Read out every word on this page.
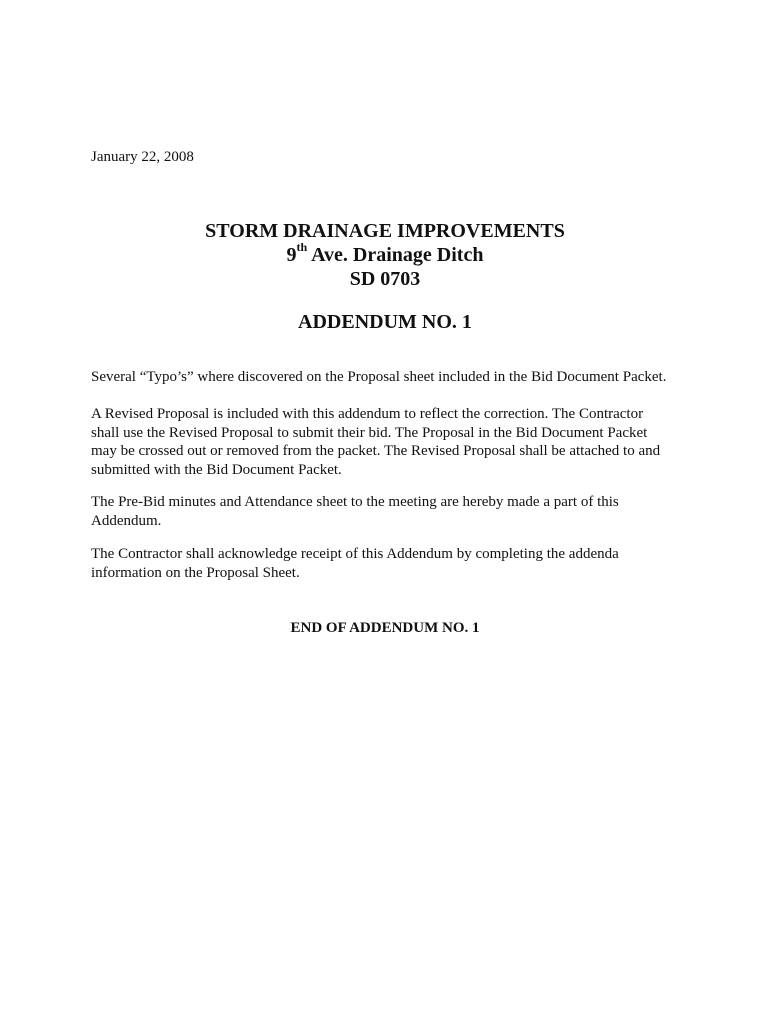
January 22, 2008
STORM DRAINAGE IMPROVEMENTS
9th Ave. Drainage Ditch
SD 0703
ADDENDUM NO. 1
Several “Typo’s” where discovered on the Proposal sheet included in the Bid Document Packet.
A Revised Proposal is included with this addendum to reflect the correction. The Contractor
shall use the Revised Proposal to submit their bid. The Proposal in the Bid Document Packet
may be crossed out or removed from the packet. The Revised Proposal shall be attached to and
submitted with the Bid Document Packet.
The Pre-Bid minutes and Attendance sheet to the meeting are hereby made a part of this
Addendum.
The Contractor shall acknowledge receipt of this Addendum by completing the addenda
information on the Proposal Sheet.
END OF ADDENDUM NO. 1
